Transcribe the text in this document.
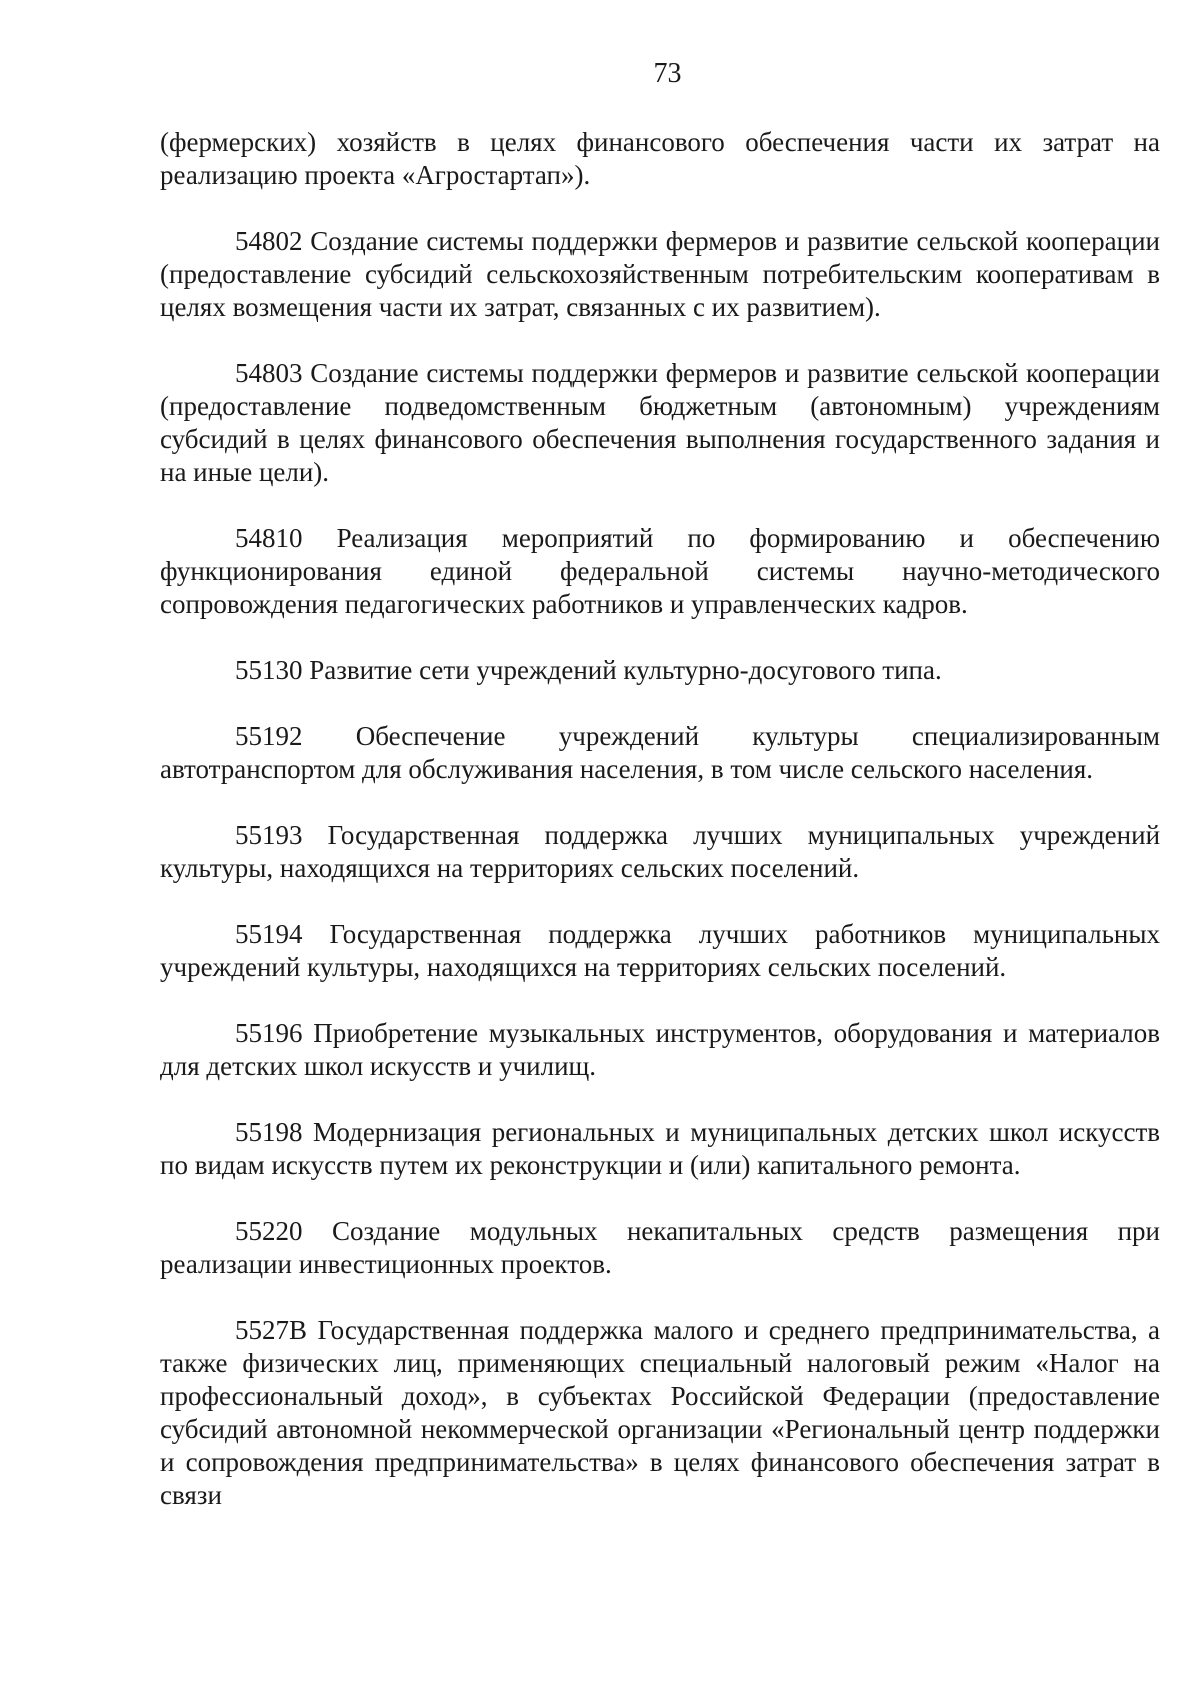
73

(фермерских) хозяйств в целях финансового обеспечения части их затрат на реализацию проекта «Агростартап»).

54802 Создание системы поддержки фермеров и развитие сельской кооперации (предоставление субсидий сельскохозяйственным потребительским кооперативам в целях возмещения части их затрат, связанных с их развитием).

54803 Создание системы поддержки фермеров и развитие сельской кооперации (предоставление подведомственным бюджетным (автономным) учреждениям субсидий в целях финансового обеспечения выполнения государственного задания и на иные цели).

54810 Реализация мероприятий по формированию и обеспечению функционирования единой федеральной системы научно-методического сопровождения педагогических работников и управленческих кадров.

55130 Развитие сети учреждений культурно-досугового типа.

55192 Обеспечение учреждений культуры специализированным автотранспортом для обслуживания населения, в том числе сельского населения.

55193 Государственная поддержка лучших муниципальных учреждений культуры, находящихся на территориях сельских поселений.

55194 Государственная поддержка лучших работников муниципальных учреждений культуры, находящихся на территориях сельских поселений.

55196 Приобретение музыкальных инструментов, оборудования и материалов для детских школ искусств и училищ.

55198 Модернизация региональных и муниципальных детских школ искусств по видам искусств путем их реконструкции и (или) капитального ремонта.

55220 Создание модульных некапитальных средств размещения при реализации инвестиционных проектов.

5527В Государственная поддержка малого и среднего предпринимательства, а также физических лиц, применяющих специальный налоговый режим «Налог на профессиональный доход», в субъектах Российской Федерации (предоставление субсидий автономной некоммерческой организации «Региональный центр поддержки и сопровождения предпринимательства» в целях финансового обеспечения затрат в связи
